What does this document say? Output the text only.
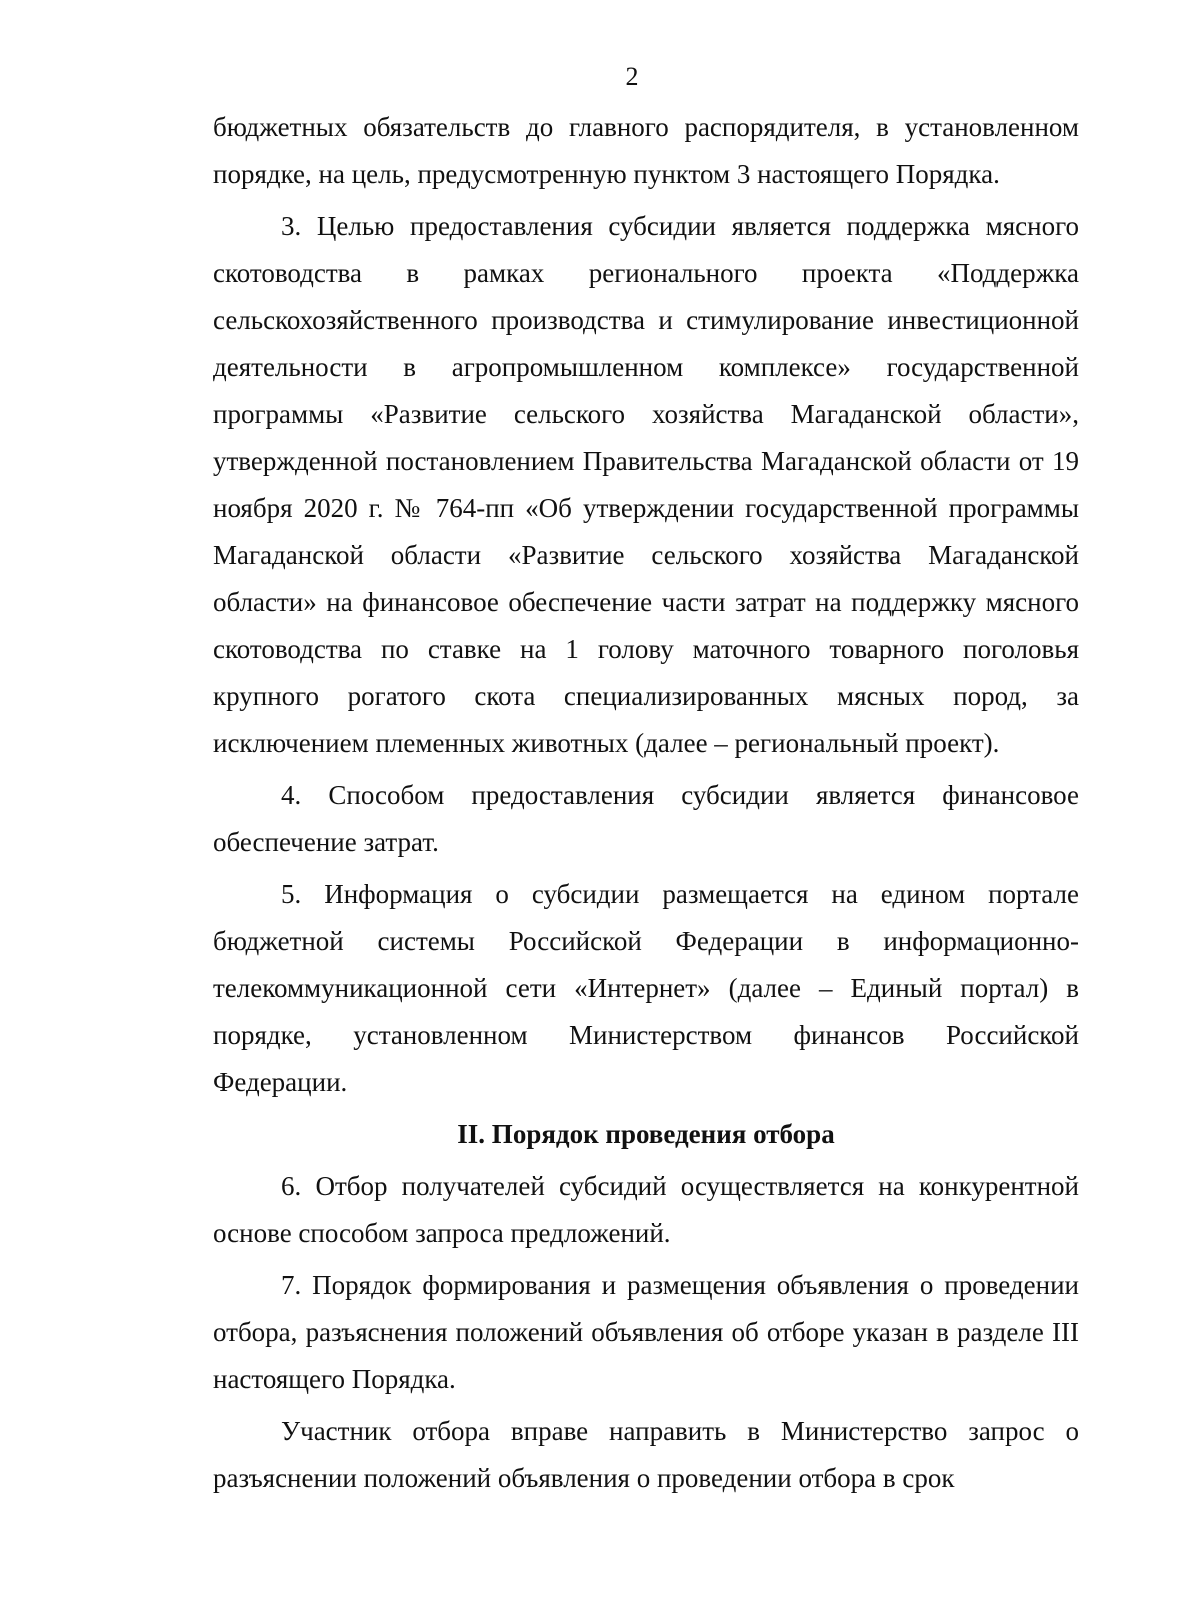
2

бюджетных обязательств до главного распорядителя, в установленном порядке, на цель, предусмотренную пунктом 3 настоящего Порядка.

3. Целью предоставления субсидии является поддержка мясного скотоводства в рамках регионального проекта «Поддержка сельскохозяйственного производства и стимулирование инвестиционной деятельности в агропромышленном комплексе» государственной программы «Развитие сельского хозяйства Магаданской области», утвержденной постановлением Правительства Магаданской области от 19 ноября 2020 г. № 764-пп «Об утверждении государственной программы Магаданской области «Развитие сельского хозяйства Магаданской области» на финансовое обеспечение части затрат на поддержку мясного скотоводства по ставке на 1 голову маточного товарного поголовья крупного рогатого скота специализированных мясных пород, за исключением племенных животных (далее – региональный проект).

4. Способом предоставления субсидии является финансовое обеспечение затрат.

5. Информация о субсидии размещается на едином портале бюджетной системы Российской Федерации в информационно-телекоммуникационной сети «Интернет» (далее – Единый портал) в порядке, установленном Министерством финансов Российской Федерации.

II. Порядок проведения отбора

6. Отбор получателей субсидий осуществляется на конкурентной основе способом запроса предложений.

7. Порядок формирования и размещения объявления о проведении отбора, разъяснения положений объявления об отборе указан в разделе III настоящего Порядка.

Участник отбора вправе направить в Министерство запрос о разъяснении положений объявления о проведении отбора в срок
